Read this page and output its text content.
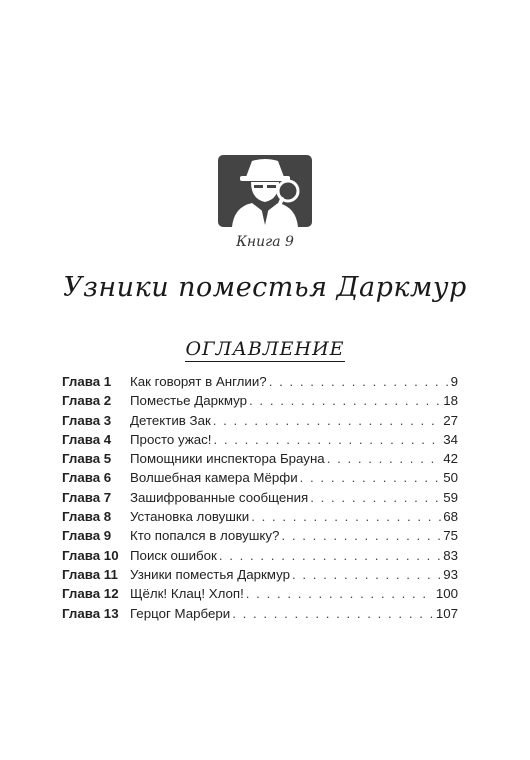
Книга 9
Узники поместья Даркмур
ОГЛАВЛЕНИЕ
Глава 1	Как говорят в Англии? . . .	9
Глава 2	Поместье Даркмур . . .	18
Глава 3	Детектив Зак . . .	27
Глава 4	Просто ужас! . . .	34
Глава 5	Помощники инспектора Брауна . . .	42
Глава 6	Волшебная камера Мёрфи . . .	50
Глава 7	Зашифрованные сообщения . . .	59
Глава 8	Установка ловушки . . .	68
Глава 9	Кто попался в ловушку? . . .	75
Глава 10 Поиск ошибок . . .	83
Глава 11 Узники поместья Даркмур . . .	93
Глава 12 Щёлк! Клац! Хлоп! . . .	100
Глава 13 Герцог Марбери . . .	107
